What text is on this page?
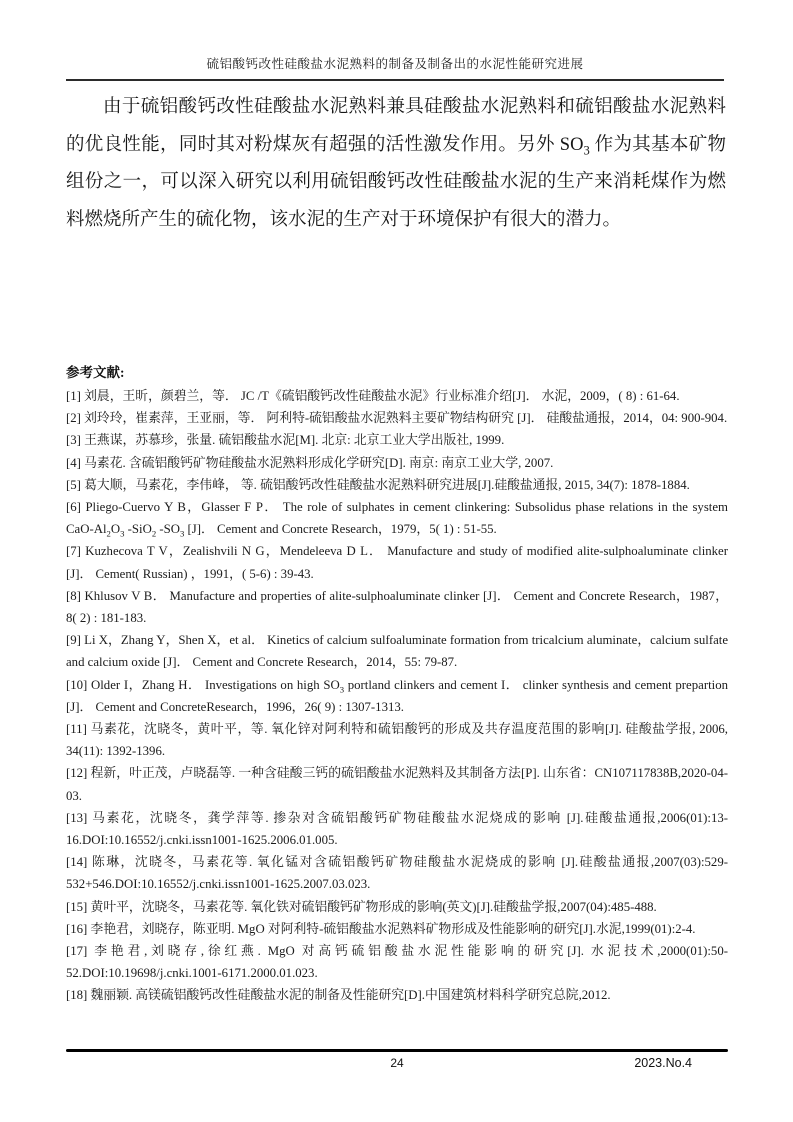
硫铝酸钙改性硅酸盐水泥熟料的制备及制备出的水泥性能研究进展

由于硫铝酸钙改性硅酸盐水泥熟料兼具硅酸盐水泥熟料和硫铝酸盐水泥熟料的优良性能，同时其对粉煤灰有超强的活性激发作用。另外 $SO_3$ 作为其基本矿物组份之一，可以深入研究以利用硫铝酸钙改性硅酸盐水泥的生产来消耗煤作为燃料燃烧所产生的硫化物，该水泥的生产对于环境保护有很大的潜力。

参考文献:

[1] 刘晨，王昕，颜碧兰，等． JC /T《硫铝酸钙改性硅酸盐水泥》行业标准介绍[J]． 水泥，2009，( 8) : 61-64.

[2] 刘玲玲，崔素萍，王亚丽，等． 阿利特-硫铝酸盐水泥熟料主要矿物结构研究 [J]． 硅酸盐通报，2014，04: 900-904.

[3] 王燕谋，苏慕珍，张量. 硫铝酸盐水泥[M]. 北京: 北京工业大学出版社, 1999.

[4] 马素花. 含硫铝酸钙矿物硅酸盐水泥熟料形成化学研究[D]. 南京: 南京工业大学, 2007.

[5] 葛大顺，马素花，李伟峰， 等. 硫铝酸钙改性硅酸盐水泥熟料研究进展[J].硅酸盐通报, 2015, 34(7): 1878-1884.

[6] Pliego-Cuervo Y B，Glasser F P． The role of sulphates in cement clinkering: Subsolidus phase relations in the system CaO-$Al_2O_3$ -SiO$_2$ $-SO_3$ [J]． Cement and Concrete Research，1979，5( 1) : 51-55.

[7] Kuzhecova T V，Zealishvili N G，Mendeleeva D L． Manufacture and study of modified alite-sulphoaluminate clinker [J]． Cement( Russian) ，1991，( 5-6) : 39-43.

[8] Khlusov V B． Manufacture and properties of alite-sulphoaluminate clinker [J]． Cement and Concrete Research，1987，8( 2) : 181-183.

[9] Li X，Zhang Y，Shen X，et al． Kinetics of calcium sulfoaluminate formation from tricalcium aluminate，calcium sulfate and calcium oxide [J]． Cement and Concrete Research，2014，55: 79-87.

[10] Older I，Zhang H． Investigations on high $SO_3$ portland clinkers and cement I． clinker synthesis and cement prepartion [J]． Cement and ConcreteResearch，1996，26( 9) : 1307-1313.

[11] 马素花，沈晓冬，黄叶平，等. 氧化锌对阿利特和硫铝酸钙的形成及共存温度范围的影响[J]. 硅酸盐学报, 2006, 34(11): 1392-1396.

[12] 程新，叶正茂，卢晓磊等. 一种含硅酸三钙的硫铝酸盐水泥熟料及其制备方法[P]. 山东省：CN107117838B,2020-04-03.

[13] 马素花，沈晓冬，龚学萍等. 掺杂对含硫铝酸钙矿物硅酸盐水泥烧成的影响 [J].硅酸盐通报,2006(01):13-16.DOI:10.16552/j.cnki.issn1001-1625.2006.01.005.

[14] 陈琳，沈晓冬，马素花等. 氧化锰对含硫铝酸钙矿物硅酸盐水泥烧成的影响 [J].硅酸盐通报,2007(03):529-532+546.DOI:10.16552/j.cnki.issn1001-1625.2007.03.023.

[15] 黄叶平，沈晓冬，马素花等. 氧化铁对硫铝酸钙矿物形成的影响(英文)[J].硅酸盐学报,2007(04):485-488.

[16] 李艳君，刘晓存，陈亚明. MgO 对阿利特-硫铝酸盐水泥熟料矿物形成及性能影响的研究[J].水泥,1999(01):2-4.

[17] 李艳君,刘晓存,徐红燕. MgO 对高钙硫铝酸盐水泥性能影响的研究[J]. 水泥技术,2000(01):50-52.DOI:10.19698/j.cnki.1001-6171.2000.01.023.

[18] 魏丽颖. 高镁硫铝酸钙改性硅酸盐水泥的制备及性能研究[D].中国建筑材料科学研究总院,2012.

24	2023.No.4
